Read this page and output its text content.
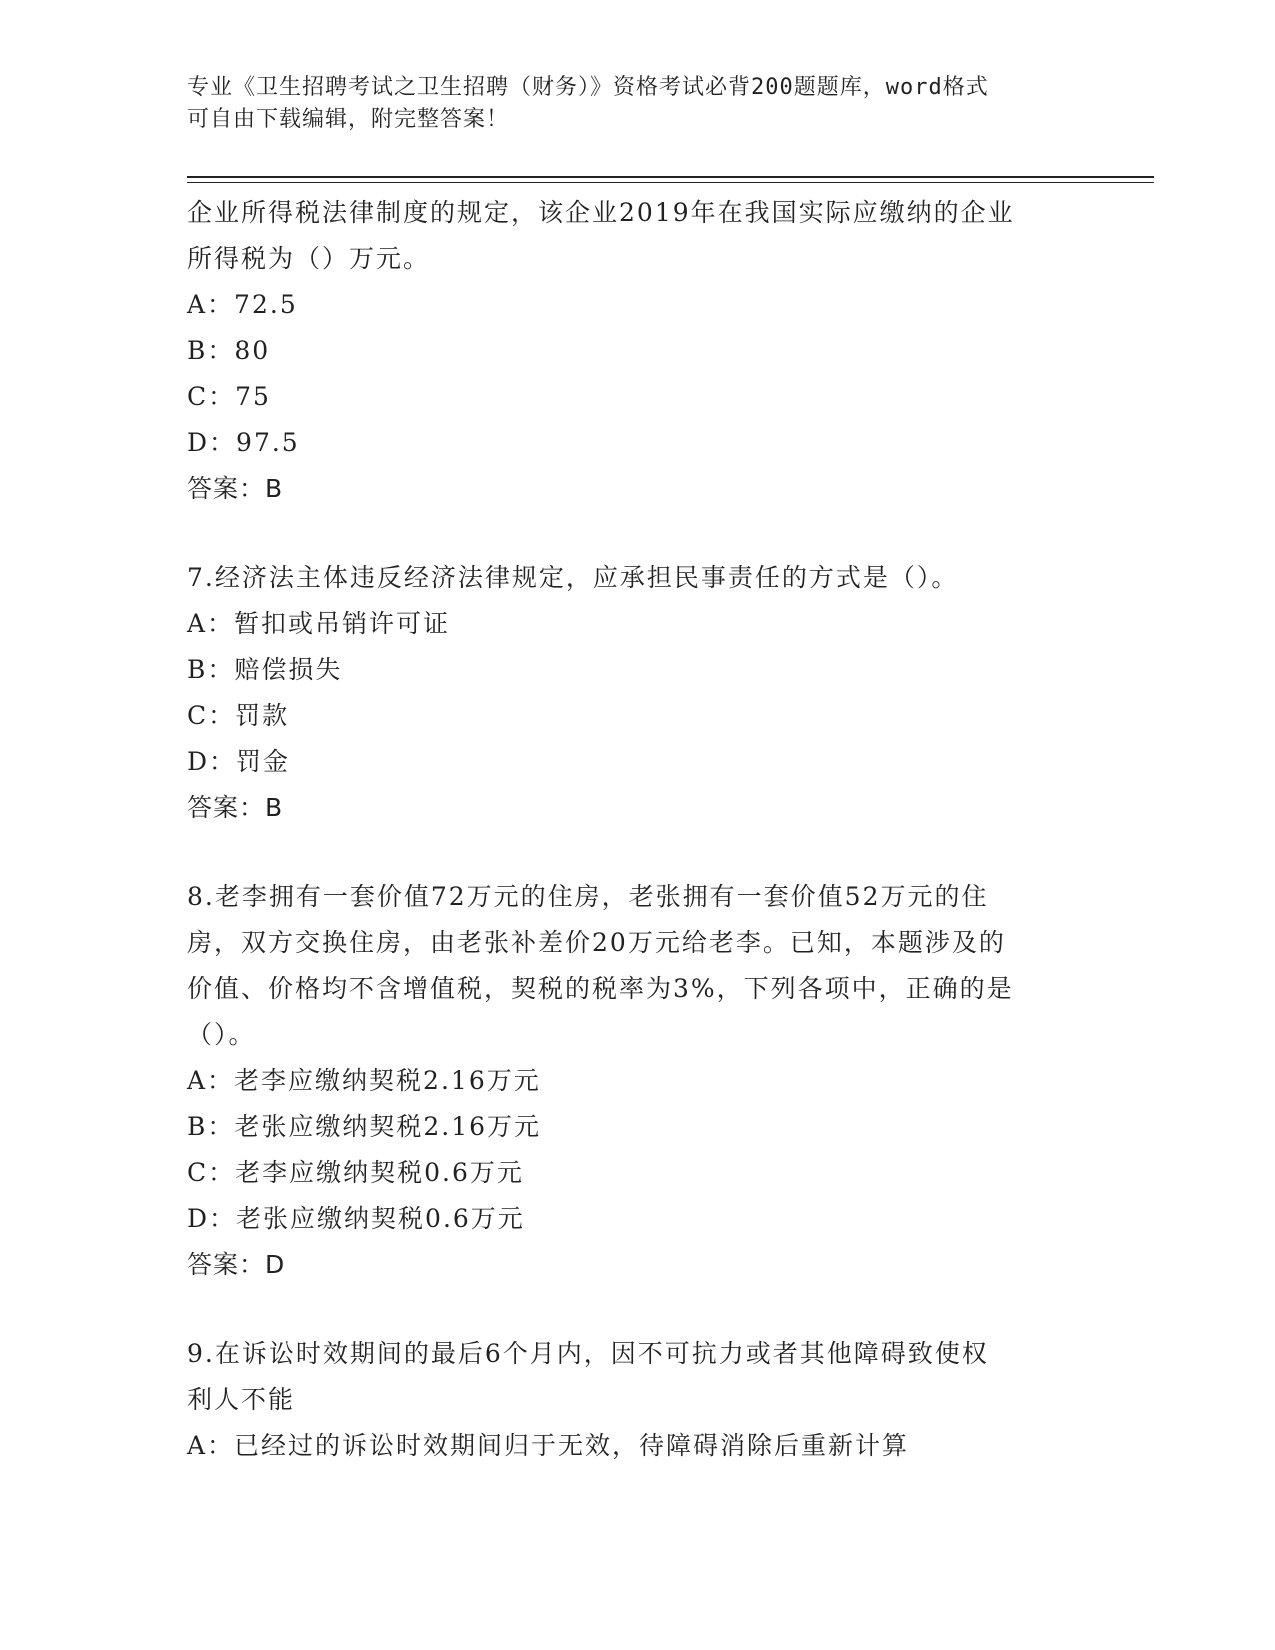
专业《卫生招聘考试之卫生招聘（财务）》资格考试必背200题题库，word格式
可自由下载编辑，附完整答案！
企业所得税法律制度的规定，该企业2019年在我国实际应缴纳的企业
所得税为（）万元。
A：72.5
B：80
C：75
D：97.5
答案：B
7.经济法主体违反经济法律规定，应承担民事责任的方式是（）。
A：暂扣或吊销许可证
B：赔偿损失
C：罚款
D：罚金
答案：B
8.老李拥有一套价值72万元的住房，老张拥有一套价值52万元的住
房，双方交换住房，由老张补差价20万元给老李。已知，本题涉及的
价值、价格均不含增值税，契税的税率为3%，下列各项中，正确的是
（）。
A：老李应缴纳契税2.16万元
B：老张应缴纳契税2.16万元
C：老李应缴纳契税0.6万元
D：老张应缴纳契税0.6万元
答案：D
9.在诉讼时效期间的最后6个月内，因不可抗力或者其他障碍致使权
利人不能
A：已经过的诉讼时效期间归于无效，待障碍消除后重新计算
